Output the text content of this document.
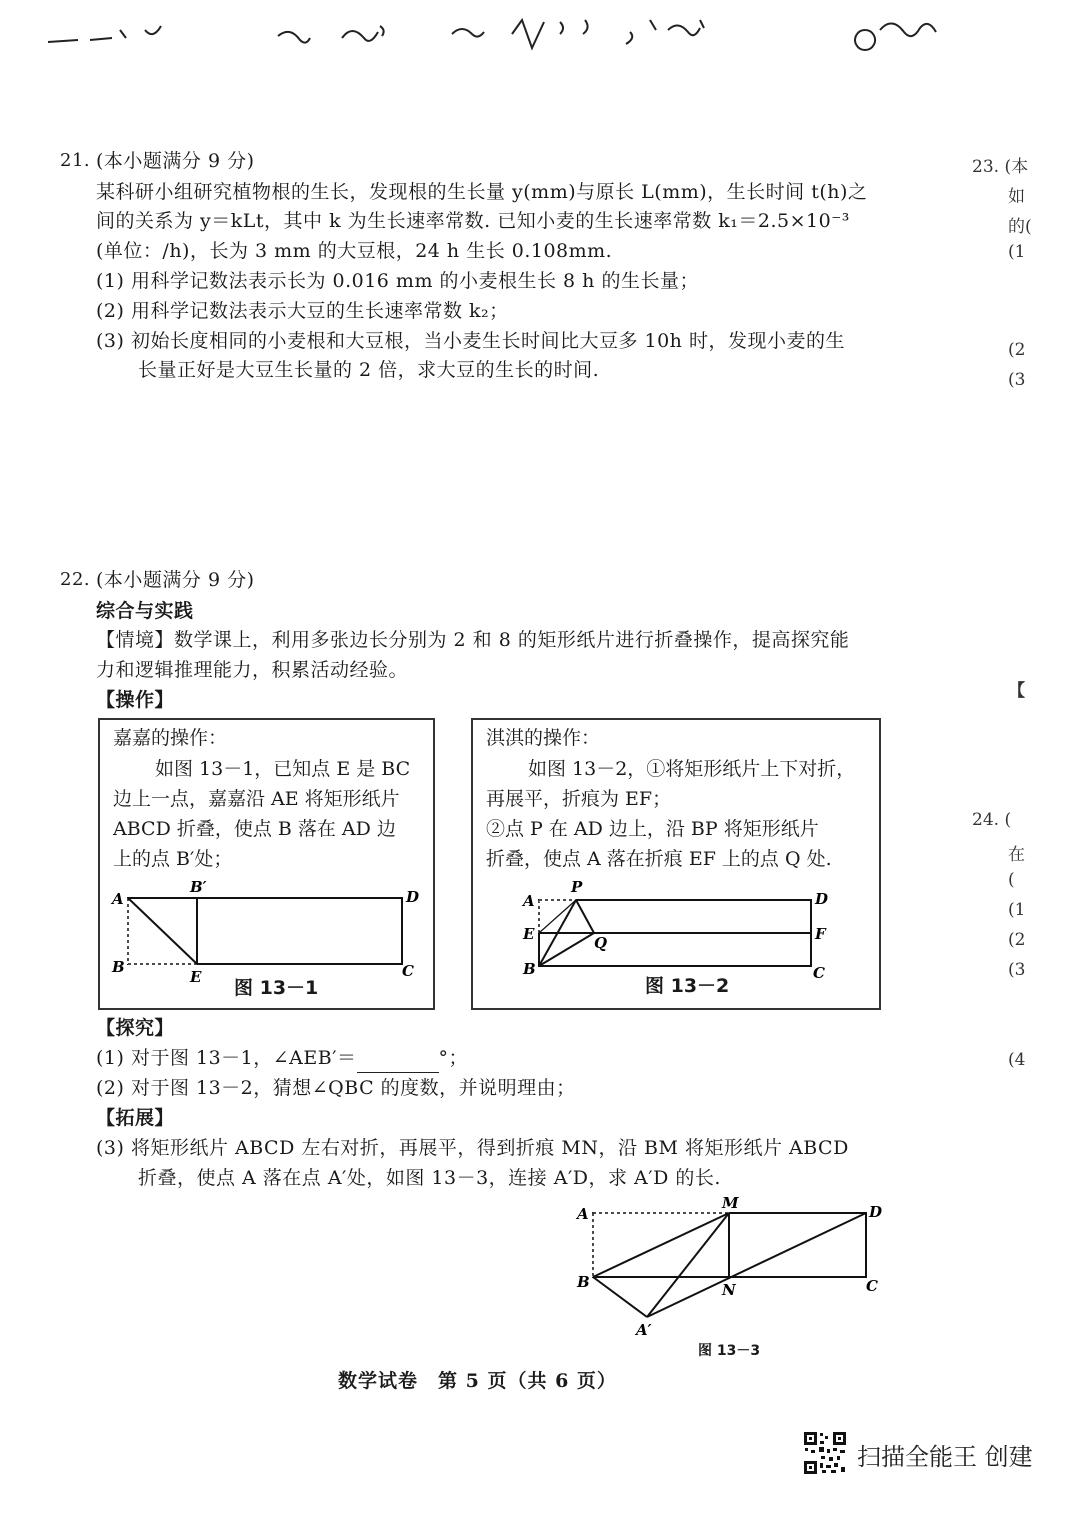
21. (本小题满分 9 分)
某科研小组研究植物根的生长，发现根的生长量 y(mm)与原长 L(mm)，生长时间 t(h)之
间的关系为 y＝kLt，其中 k 为生长速率常数. 已知小麦的生长速率常数 k₁＝2.5×10⁻³
(单位：/h)，长为 3 mm 的大豆根，24 h 生长 0.108mm.
(1) 用科学记数法表示长为 0.016 mm 的小麦根生长 8 h 的生长量；
(2) 用科学记数法表示大豆的生长速率常数 k₂；
(3) 初始长度相同的小麦根和大豆根，当小麦生长时间比大豆多 10h 时，发现小麦的生
长量正好是大豆生长量的 2 倍，求大豆的生长的时间.
22. (本小题满分 9 分)
综合与实践
【情境】数学课上，利用多张边长分别为 2 和 8 的矩形纸片进行折叠操作，提高探究能
力和逻辑推理能力，积累活动经验。
【操作】
嘉嘉的操作：
如图 13－1，已知点 E 是 BC
边上一点，嘉嘉沿 AE 将矩形纸片
ABCD 折叠，使点 B 落在 AD 边
上的点 B′处；
A
B′
D
B
E	C
图 13－1
淇淇的操作：
如图 13－2，①将矩形纸片上下对折，
再展平，折痕为 EF；
②点 P 在 AD 边上，沿 BP 将矩形纸片
折叠，使点 A 落在折痕 EF 上的点 Q 处.
A
P
D
E	Q	F
B	C
图 13－2
【探究】
(1) 对于图 13－1，∠AEB′＝	°；
(2) 对于图 13－2，猜想∠QBC 的度数，并说明理由；
【拓展】
(3) 将矩形纸片 ABCD 左右对折，再展平，得到折痕 MN，沿 BM 将矩形纸片 ABCD
折叠，使点 A 落在点 A′处，如图 13－3，连接 A′D，求 A′D 的长.
A
M	D
B	N	C
A′
图 13－3
23. (本
如
的(
(1
(2
(3
【
24. (
在
(
(1
(2
(3
(4
数学试卷　第 5 页（共 6 页）
扫描全能王 创建
